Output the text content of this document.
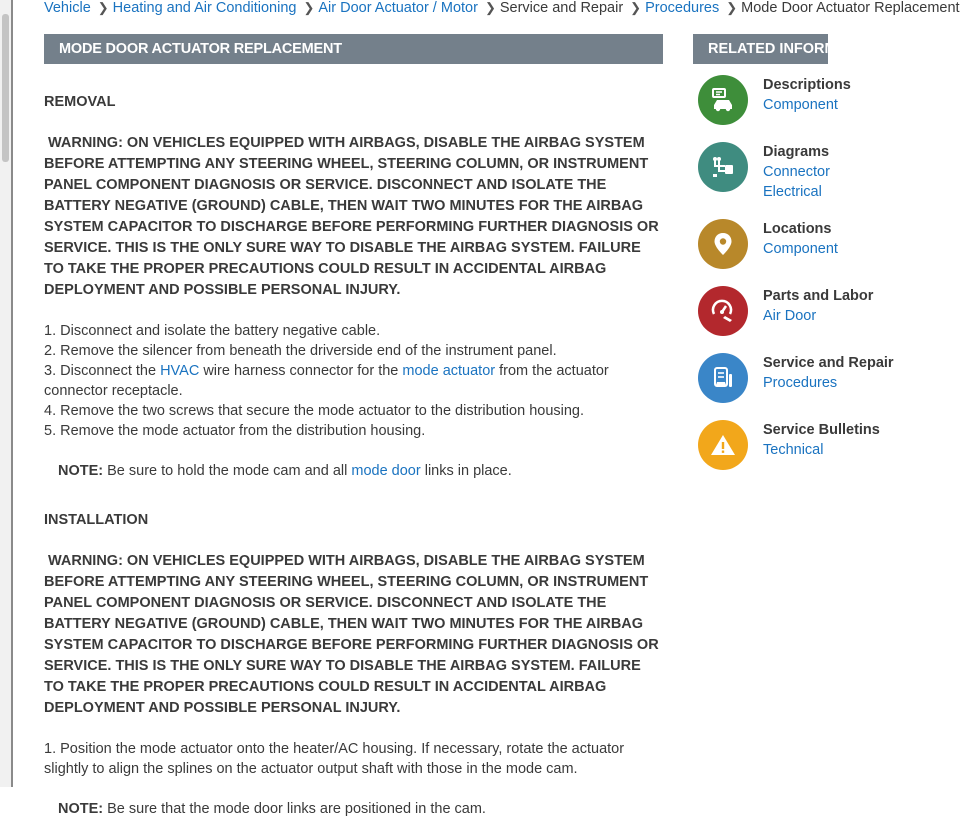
Vehicle ❯ Heating and Air Conditioning ❯ Air Door Actuator / Motor ❯ Service and Repair ❯ Procedures ❯ Mode Door Actuator Replacement
MODE DOOR ACTUATOR REPLACEMENT

REMOVAL

WARNING: ON VEHICLES EQUIPPED WITH AIRBAGS, DISABLE THE AIRBAG SYSTEM BEFORE ATTEMPTING ANY STEERING WHEEL, STEERING COLUMN, OR INSTRUMENT PANEL COMPONENT DIAGNOSIS OR SERVICE. DISCONNECT AND ISOLATE THE BATTERY NEGATIVE (GROUND) CABLE, THEN WAIT TWO MINUTES FOR THE AIRBAG SYSTEM CAPACITOR TO DISCHARGE BEFORE PERFORMING FURTHER DIAGNOSIS OR SERVICE. THIS IS THE ONLY SURE WAY TO DISABLE THE AIRBAG SYSTEM. FAILURE TO TAKE THE PROPER PRECAUTIONS COULD RESULT IN ACCIDENTAL AIRBAG DEPLOYMENT AND POSSIBLE PERSONAL INJURY.

1. Disconnect and isolate the battery negative cable.
2. Remove the silencer from beneath the driverside end of the instrument panel.
3. Disconnect the HVAC wire harness connector for the mode actuator from the actuator connector receptacle.
4. Remove the two screws that secure the mode actuator to the distribution housing.
5. Remove the mode actuator from the distribution housing.

NOTE: Be sure to hold the mode cam and all mode door links in place.

INSTALLATION

WARNING: ON VEHICLES EQUIPPED WITH AIRBAGS, DISABLE THE AIRBAG SYSTEM BEFORE ATTEMPTING ANY STEERING WHEEL, STEERING COLUMN, OR INSTRUMENT PANEL COMPONENT DIAGNOSIS OR SERVICE. DISCONNECT AND ISOLATE THE BATTERY NEGATIVE (GROUND) CABLE, THEN WAIT TWO MINUTES FOR THE AIRBAG SYSTEM CAPACITOR TO DISCHARGE BEFORE PERFORMING FURTHER DIAGNOSIS OR SERVICE. THIS IS THE ONLY SURE WAY TO DISABLE THE AIRBAG SYSTEM. FAILURE TO TAKE THE PROPER PRECAUTIONS COULD RESULT IN ACCIDENTAL AIRBAG DEPLOYMENT AND POSSIBLE PERSONAL INJURY.

1. Position the mode actuator onto the heater/AC housing. If necessary, rotate the actuator slightly to align the splines on the actuator output shaft with those in the mode cam.

NOTE: Be sure that the mode door links are positioned in the cam.

RELATED INFORMATION
Descriptions
Component
Diagrams
Connector
Electrical
Locations
Component
Parts and Labor
Air Door
Service and Repair
Procedures
Service Bulletins
Technical
